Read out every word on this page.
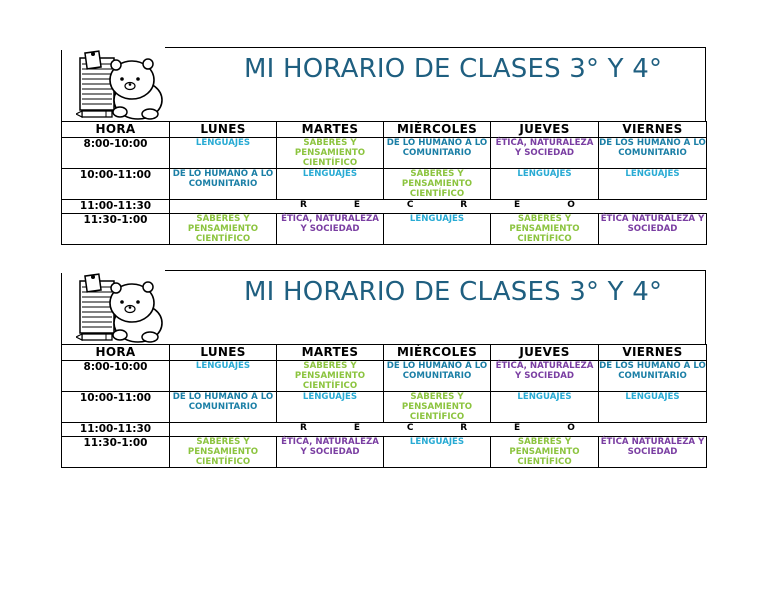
MI HORARIO DE CLASES 3° Y 4°
HORA	LUNES	MARTES	MIÉRCOLES	JUEVES	VIERNES
8:00-10:00	LENGUAJES	SABERES Y PENSAMIENTO CIENTÍFICO	DE LO HUMANO A LO COMUNITARIO	ÉTICA, NATURALEZA Y SOCIEDAD	DE LOS HUMANO A LO COMUNITARIO
10:00-11:00	DE LO HUMANO A LO COMUNITARIO	LENGUAJES	SABERES Y PENSAMIENTO CIENTÍFICO	LENGUAJES	LENGUAJES
11:00-11:30		R E	C R	E O	

11:30-1:00	SABERES Y PENSAMIENTO CIENTÍFICO	ÉTICA, NATURALEZA Y SOCIEDAD	LENGUAJES	SABERES Y PENSAMIENTO CIENTÍFICO	ÉTICA NATURALEZA Y SOCIEDAD
MI HORARIO DE CLASES 3° Y 4°
HORA	LUNES	MARTES	MIÉRCOLES	JUEVES	VIERNES
8:00-10:00	LENGUAJES	SABERES Y PENSAMIENTO CIENTÍFICO	DE LO HUMANO A LO COMUNITARIO	ÉTICA, NATURALEZA Y SOCIEDAD	DE LOS HUMANO A LO COMUNITARIO
10:00-11:00	DE LO HUMANO A LO COMUNITARIO	LENGUAJES	SABERES Y PENSAMIENTO CIENTÍFICO	LENGUAJES	LENGUAJES
11:00-11:30		R E	C R	E O	

11:30-1:00	SABERES Y PENSAMIENTO CIENTÍFICO	ÉTICA, NATURALEZA Y SOCIEDAD	LENGUAJES	SABERES Y PENSAMIENTO CIENTÍFICO	ÉTICA NATURALEZA Y SOCIEDAD
